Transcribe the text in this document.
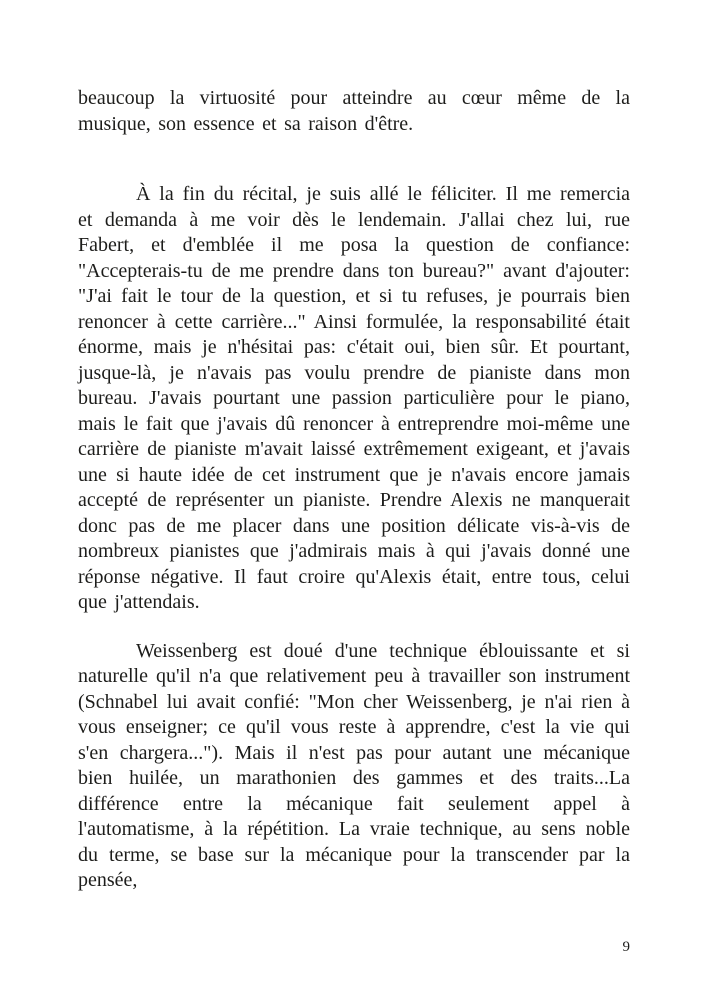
beaucoup la virtuosité pour atteindre au cœur même de la musique, son essence et sa raison d'être.

À la fin du récital, je suis allé le féliciter. Il me remercia et demanda à me voir dès le lendemain. J'allai chez lui, rue Fabert, et d'emblée il me posa la question de confiance: "Accepterais-tu de me prendre dans ton bureau?" avant d'ajouter: "J'ai fait le tour de la question, et si tu refuses, je pourrais bien renoncer à cette carrière..." Ainsi formulée, la responsabilité était énorme, mais je n'hésitai pas: c'était oui, bien sûr. Et pourtant, jusque-là, je n'avais pas voulu prendre de pianiste dans mon bureau. J'avais pourtant une passion particulière pour le piano, mais le fait que j'avais dû renoncer à entreprendre moi-même une carrière de pianiste m'avait laissé extrêmement exigeant, et j'avais une si haute idée de cet instrument que je n'avais encore jamais accepté de représenter un pianiste. Prendre Alexis ne manquerait donc pas de me placer dans une position délicate vis-à-vis de nombreux pianistes que j'admirais mais à qui j'avais donné une réponse négative. Il faut croire qu'Alexis était, entre tous, celui que j'attendais.

Weissenberg est doué d'une technique éblouissante et si naturelle qu'il n'a que relativement peu à travailler son instrument (Schnabel lui avait confié: "Mon cher Weissenberg, je n'ai rien à vous enseigner; ce qu'il vous reste à apprendre, c'est la vie qui s'en chargera..."). Mais il n'est pas pour autant une mécanique bien huilée, un marathonien des gammes et des traits...La différence entre la mécanique fait seulement appel à l'automatisme, à la répétition. La vraie technique, au sens noble du terme, se base sur la mécanique pour la transcender par la pensée,

9
